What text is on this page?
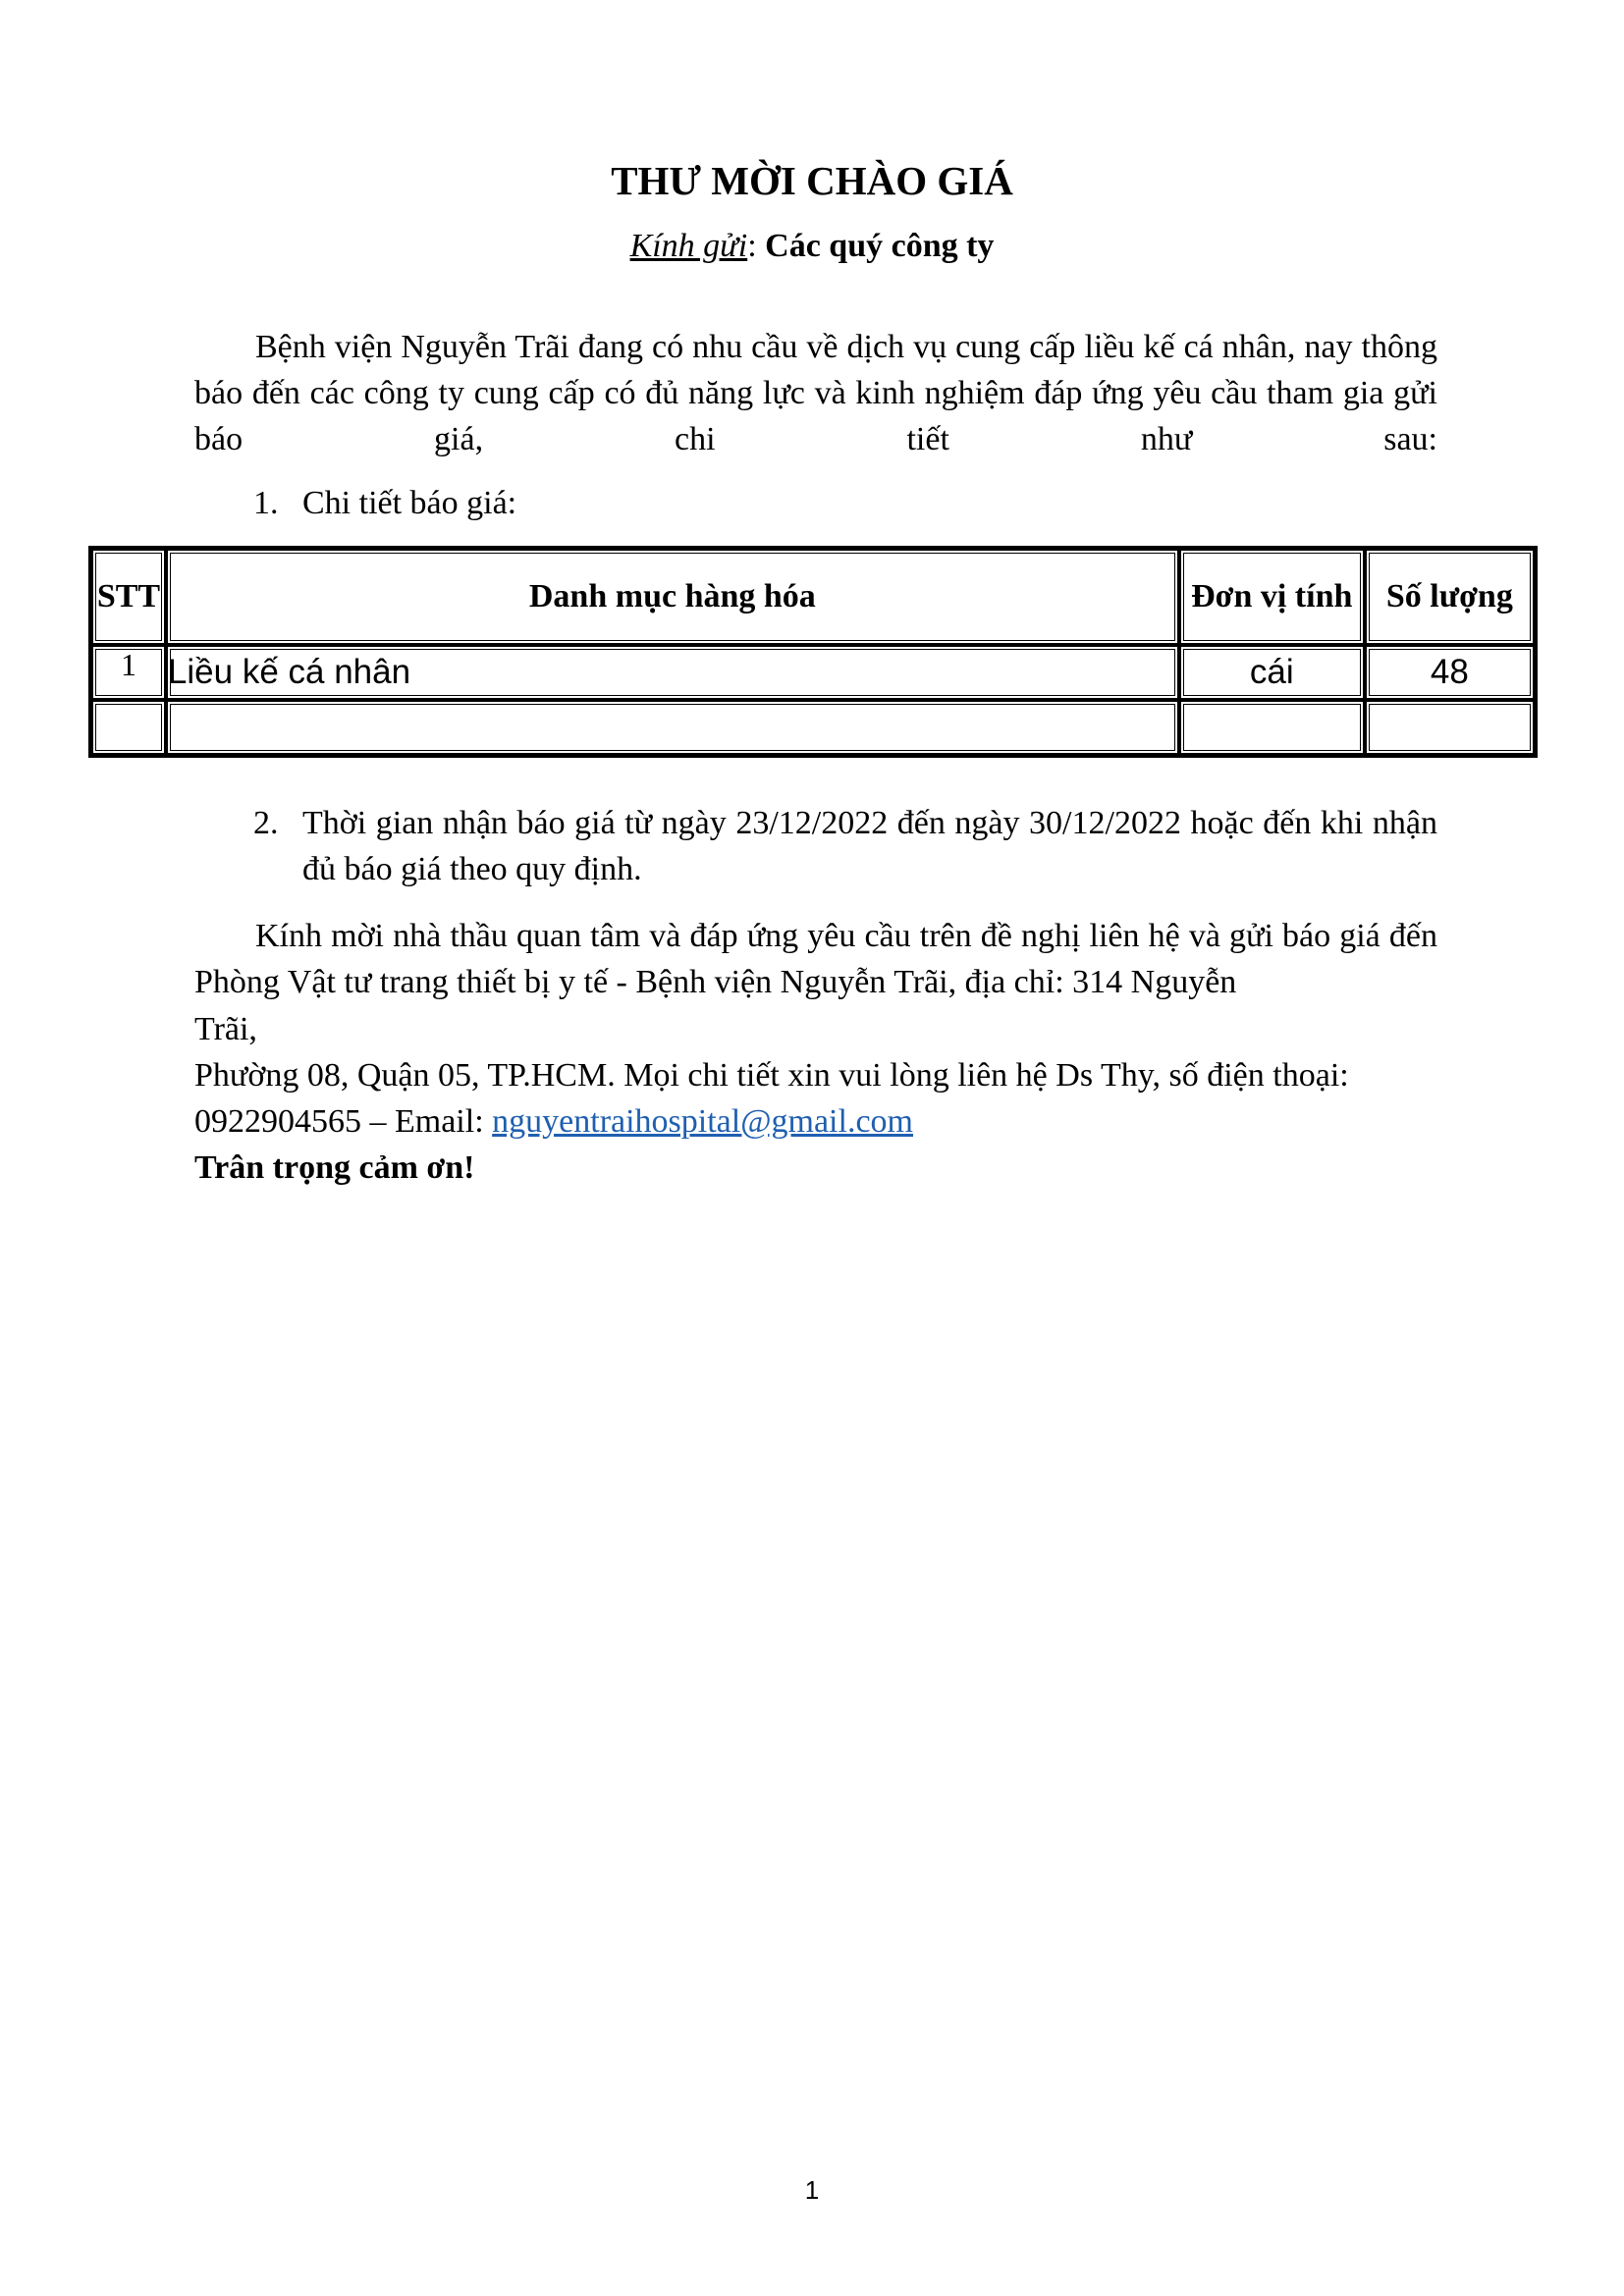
THƯ MỜI CHÀO GIÁ
Kính gửi: Các quý công ty

Bệnh viện Nguyễn Trãi đang có nhu cầu về dịch vụ cung cấp liều kế cá nhân, nay thông báo đến các công ty cung cấp có đủ năng lực và kinh nghiệm đáp ứng yêu cầu tham gia gửi báo giá, chi tiết như sau:

1. Chi tiết báo giá:
STT	Danh mục hàng hóa	Đơn vị tính	Số lượng
1	Liều kế cá nhân	cái	48

2. Thời gian nhận báo giá từ ngày 23/12/2022 đến ngày 30/12/2022 hoặc đến khi nhận đủ báo giá theo quy định.

Kính mời nhà thầu quan tâm và đáp ứng yêu cầu trên đề nghị liên hệ và gửi báo giá đến Phòng Vật tư trang thiết bị y tế - Bệnh viện Nguyễn Trãi, địa chỉ: 314 Nguyễn

Trãi,
Phường 08, Quận 05, TP.HCM. Mọi chi tiết xin vui lòng liên hệ Ds Thy, số điện thoại:
0922904565 – Email: nguyentraihospital@gmail.com
Trân trọng cảm ơn!
1
